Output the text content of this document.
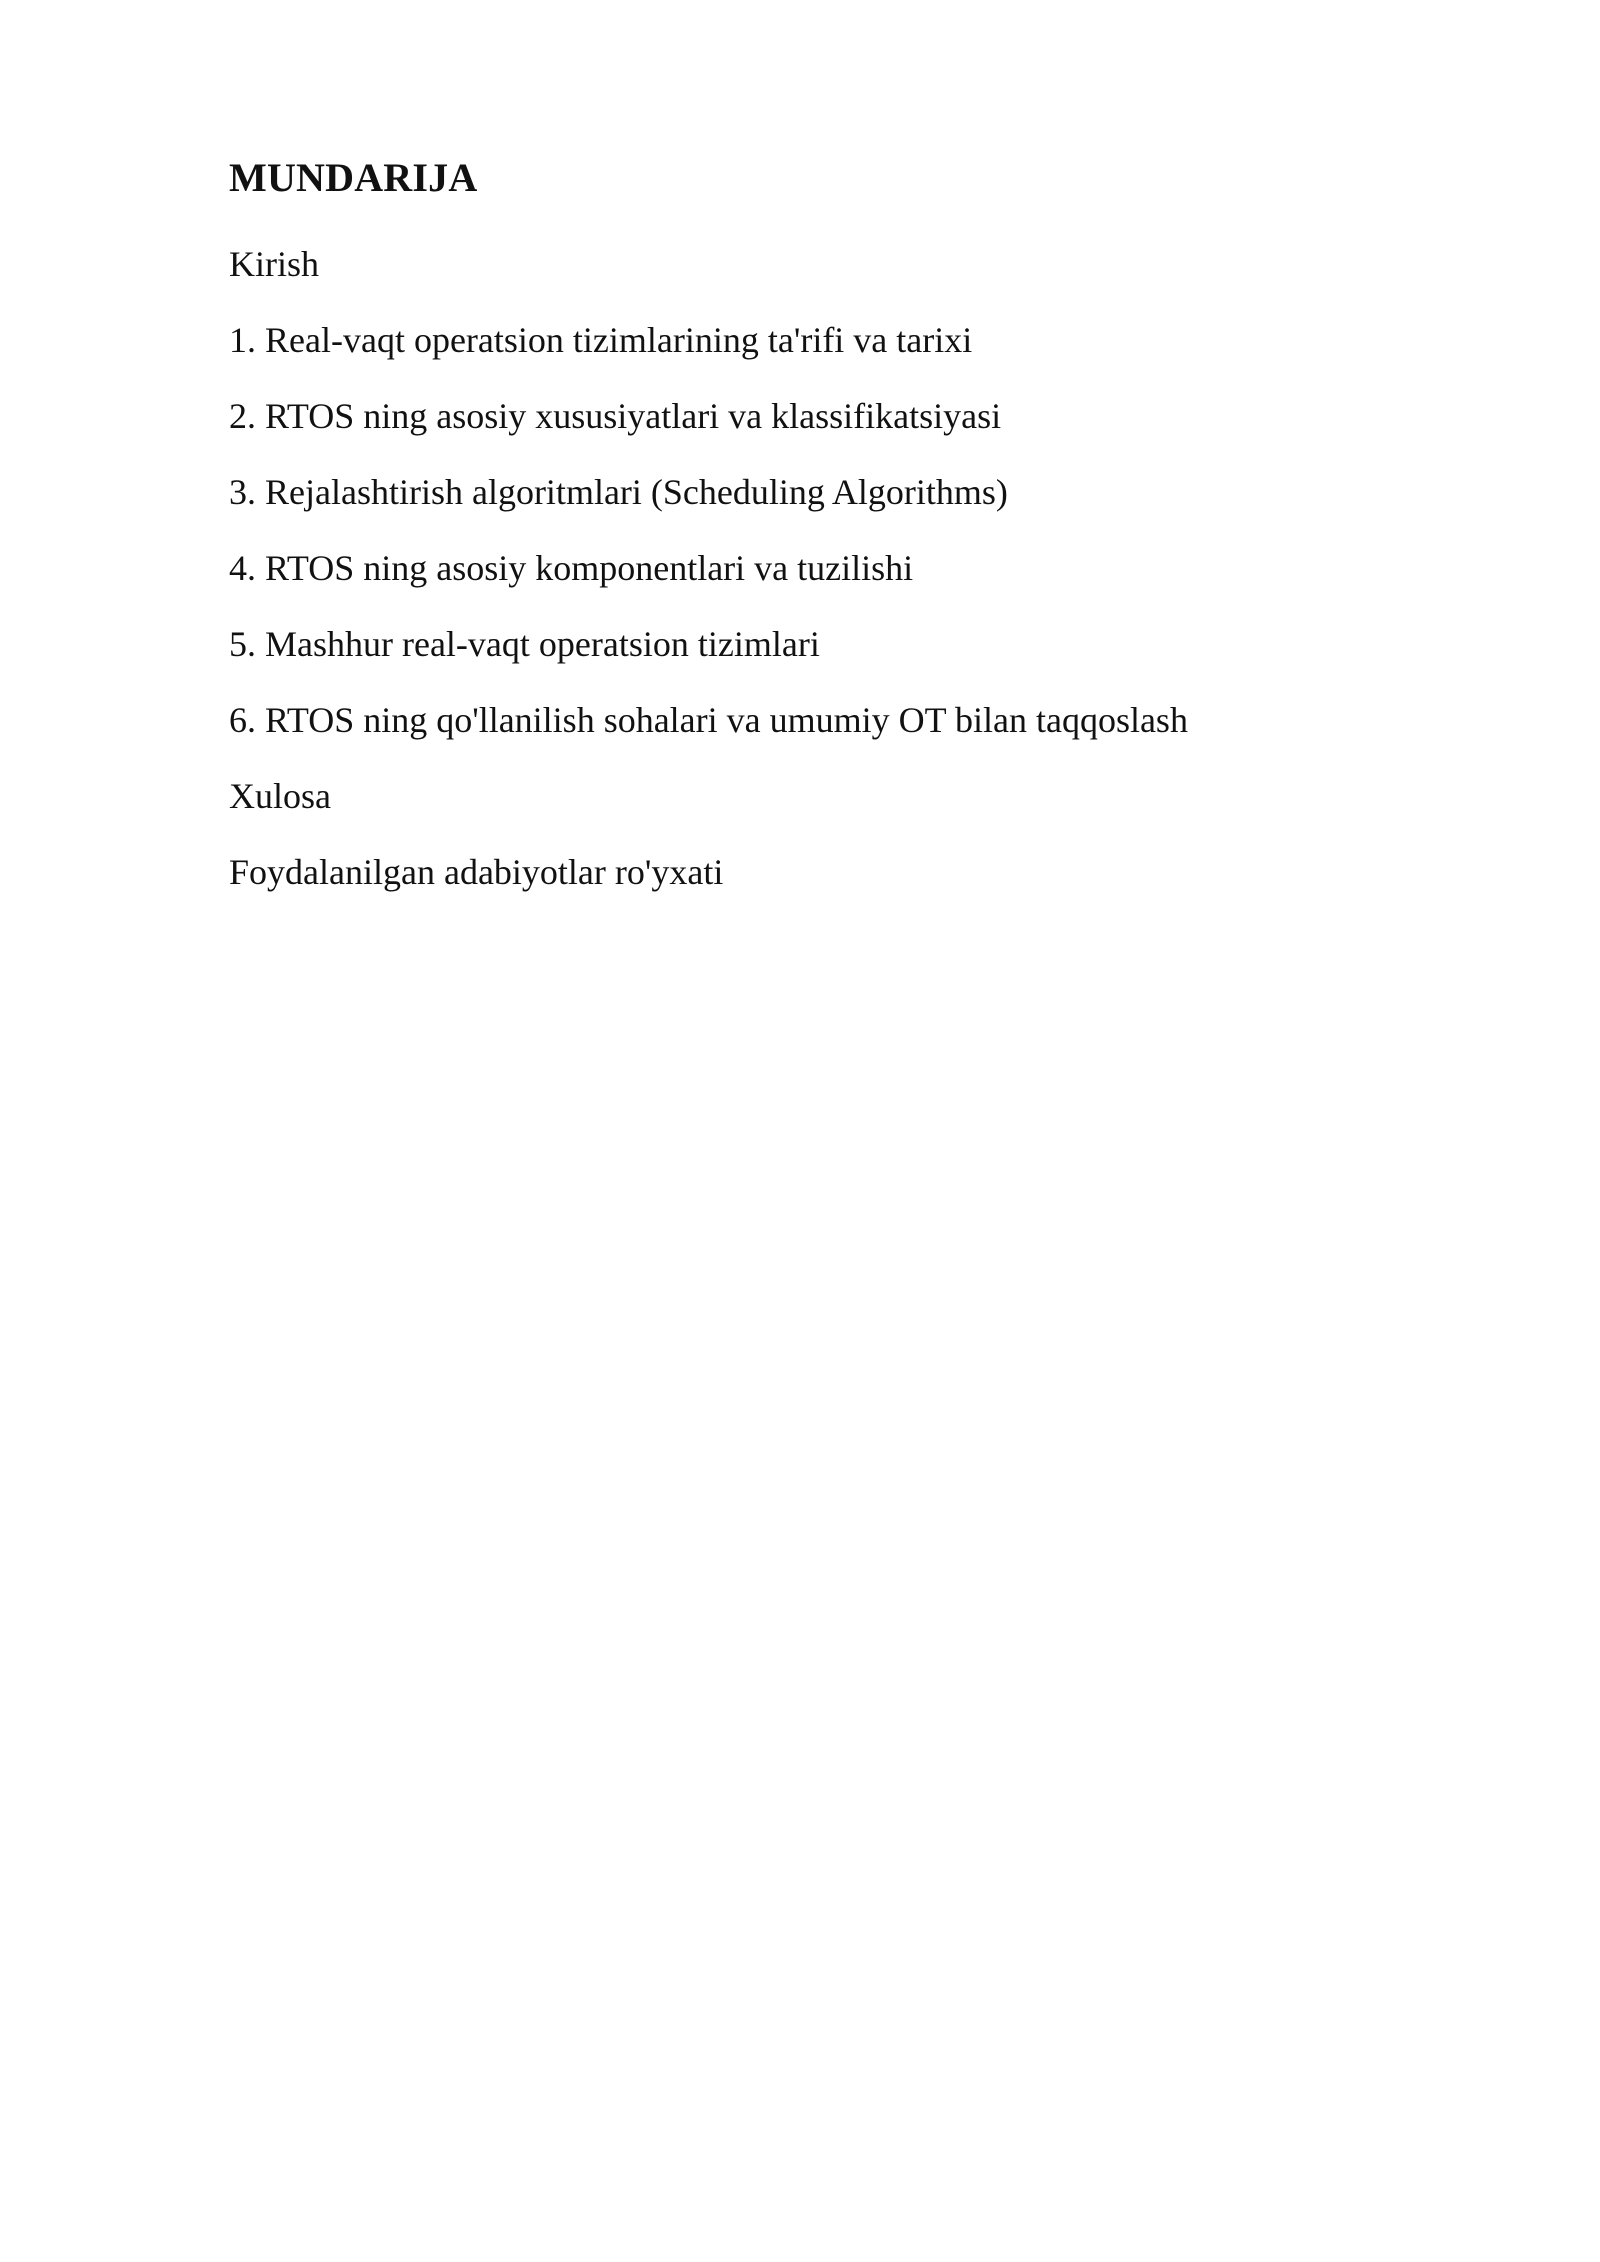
MUNDARIJA
Kirish
1. Real-vaqt operatsion tizimlarining ta'rifi va tarixi
2. RTOS ning asosiy xususiyatlari va klassifikatsiyasi
3. Rejalashtirish algoritmlari (Scheduling Algorithms)
4. RTOS ning asosiy komponentlari va tuzilishi
5. Mashhur real-vaqt operatsion tizimlari
6. RTOS ning qo'llanilish sohalari va umumiy OT bilan taqqoslash
Xulosa
Foydalanilgan adabiyotlar ro'yxati
